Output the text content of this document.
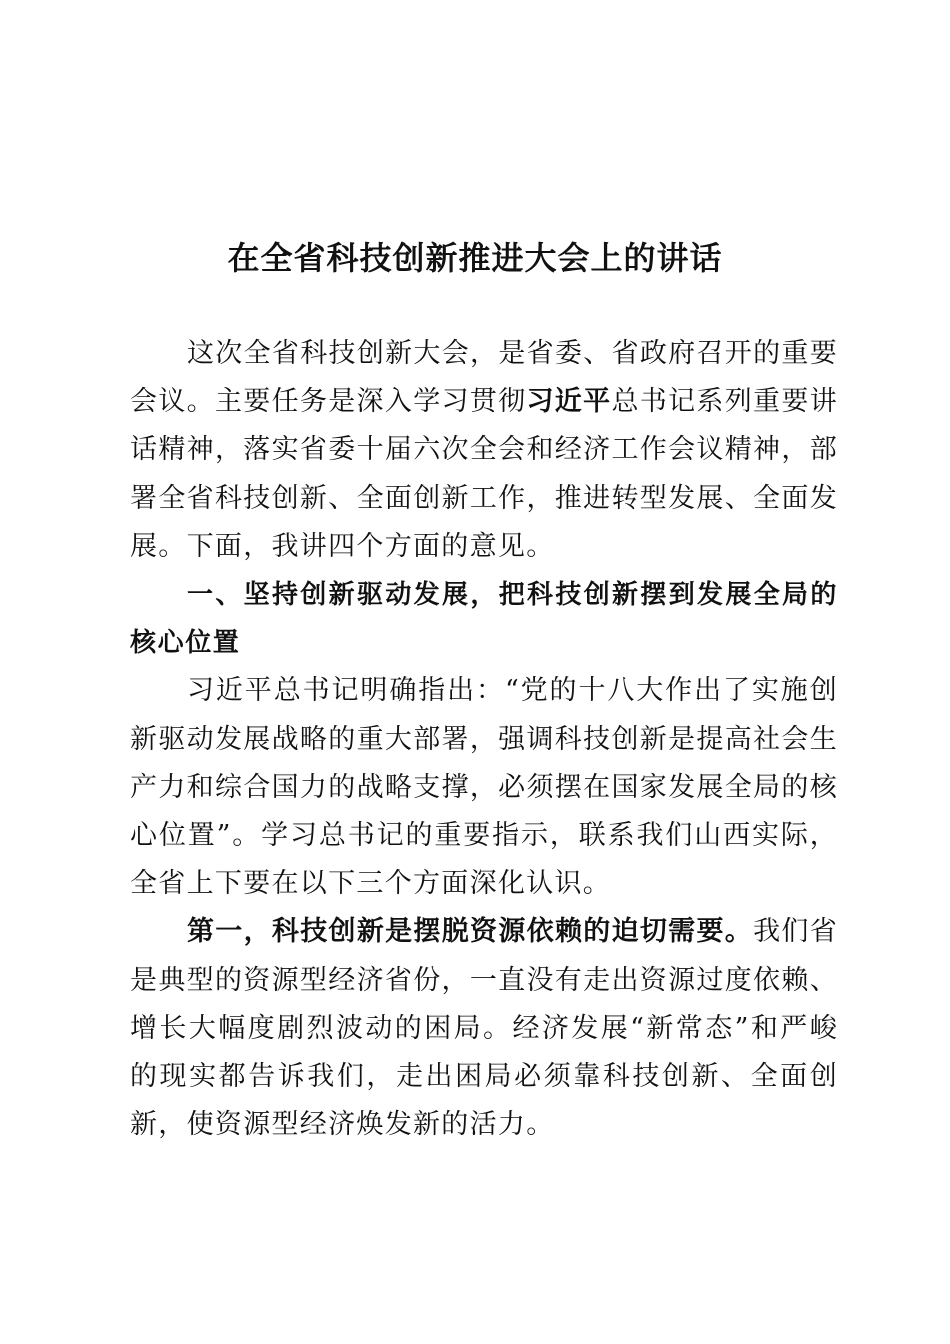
在全省科技创新推进大会上的讲话

这次全省科技创新大会，是省委、省政府召开的重要会议。主要任务是深入学习贯彻习近平总书记系列重要讲话精神，落实省委十届六次全会和经济工作会议精神，部署全省科技创新、全面创新工作，推进转型发展、全面发展。下面，我讲四个方面的意见。

一、坚持创新驱动发展，把科技创新摆到发展全局的核心位置

习近平总书记明确指出：“党的十八大作出了实施创新驱动发展战略的重大部署，强调科技创新是提高社会生产力和综合国力的战略支撑，必须摆在国家发展全局的核心位置”。学习总书记的重要指示，联系我们山西实际，全省上下要在以下三个方面深化认识。

第一，科技创新是摆脱资源依赖的迫切需要。我们省是典型的资源型经济省份，一直没有走出资源过度依赖、增长大幅度剧烈波动的困局。经济发展“新常态”和严峻的现实都告诉我们，走出困局必须靠科技创新、全面创新，使资源型经济焕发新的活力。
